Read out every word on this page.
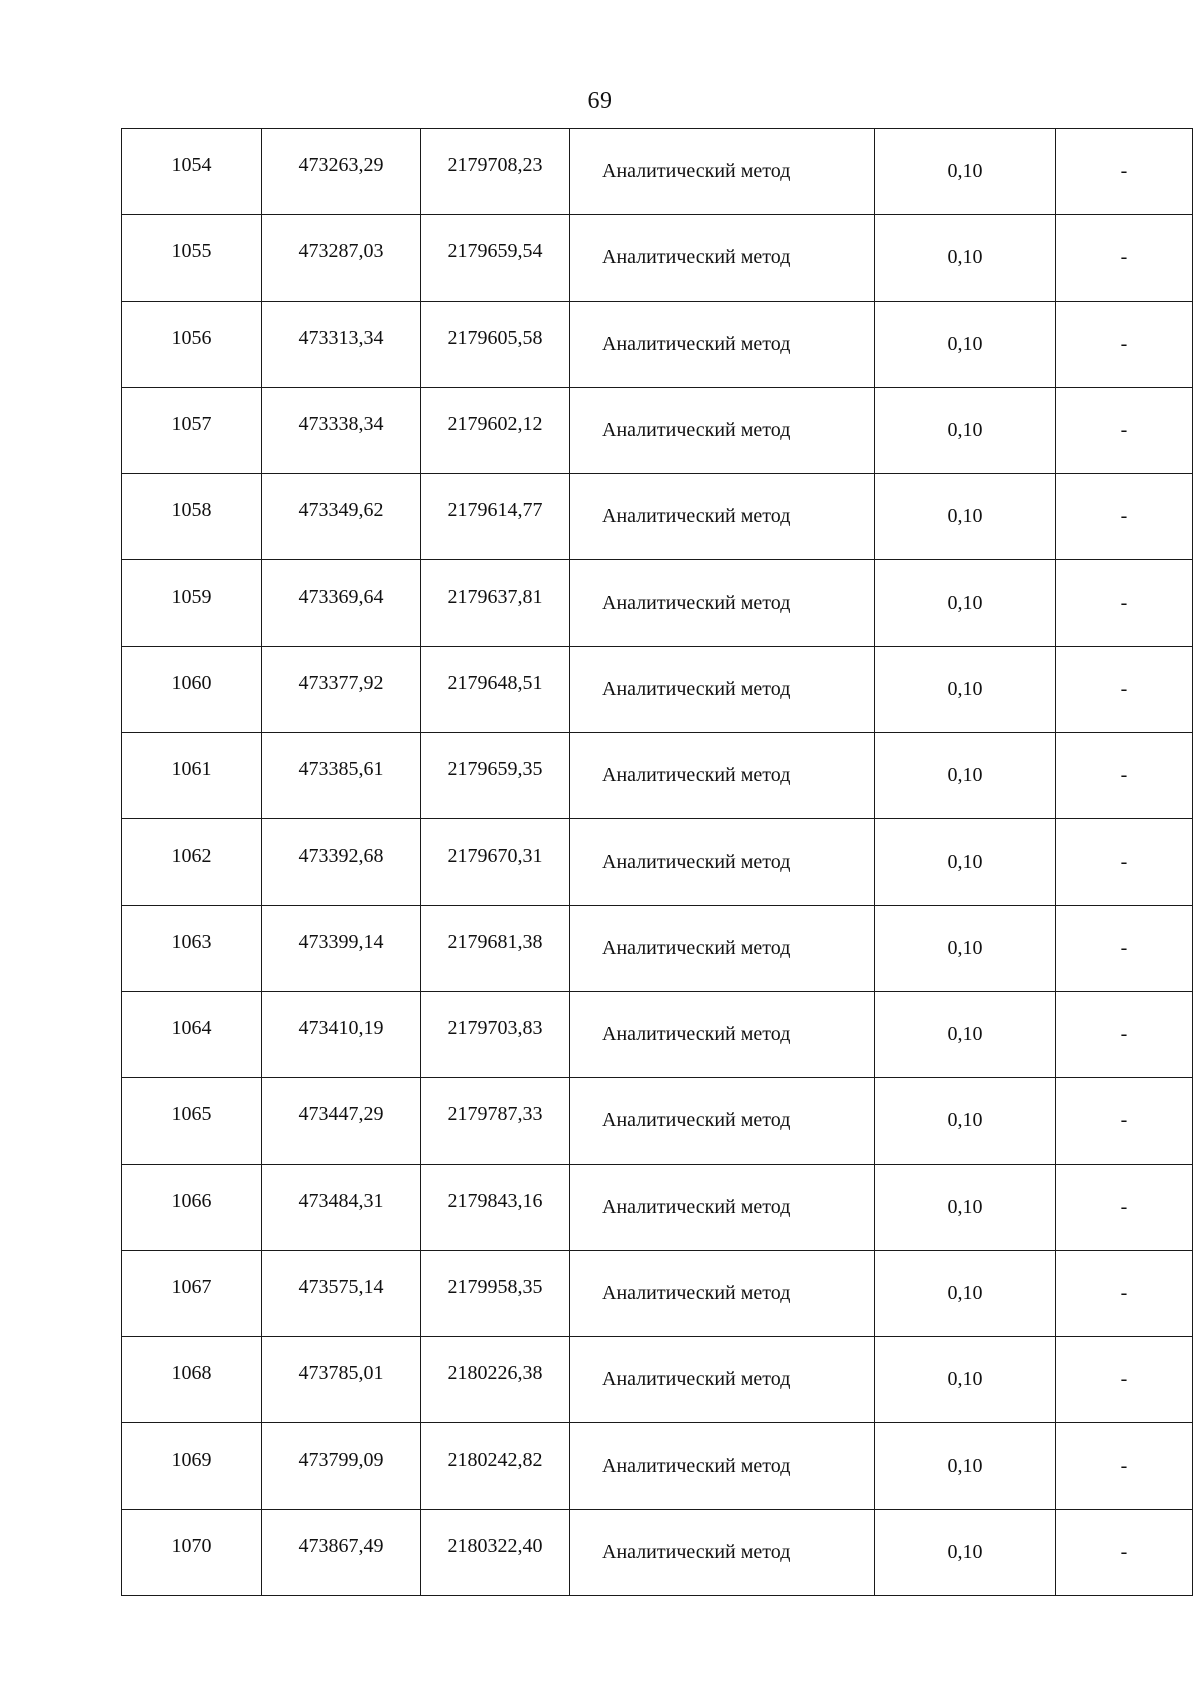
69
1054	473263,29	2179708,23	Аналитический метод	0,10	-
1055	473287,03	2179659,54	Аналитический метод	0,10	-
1056	473313,34	2179605,58	Аналитический метод	0,10	-
1057	473338,34	2179602,12	Аналитический метод	0,10	-
1058	473349,62	2179614,77	Аналитический метод	0,10	-
1059	473369,64	2179637,81	Аналитический метод	0,10	-
1060	473377,92	2179648,51	Аналитический метод	0,10	-
1061	473385,61	2179659,35	Аналитический метод	0,10	-
1062	473392,68	2179670,31	Аналитический метод	0,10	-
1063	473399,14	2179681,38	Аналитический метод	0,10	-
1064	473410,19	2179703,83	Аналитический метод	0,10	-
1065	473447,29	2179787,33	Аналитический метод	0,10	-
1066	473484,31	2179843,16	Аналитический метод	0,10	-
1067	473575,14	2179958,35	Аналитический метод	0,10	-
1068	473785,01	2180226,38	Аналитический метод	0,10	-
1069	473799,09	2180242,82	Аналитический метод	0,10	-
1070	473867,49	2180322,40	Аналитический метод	0,10	-
